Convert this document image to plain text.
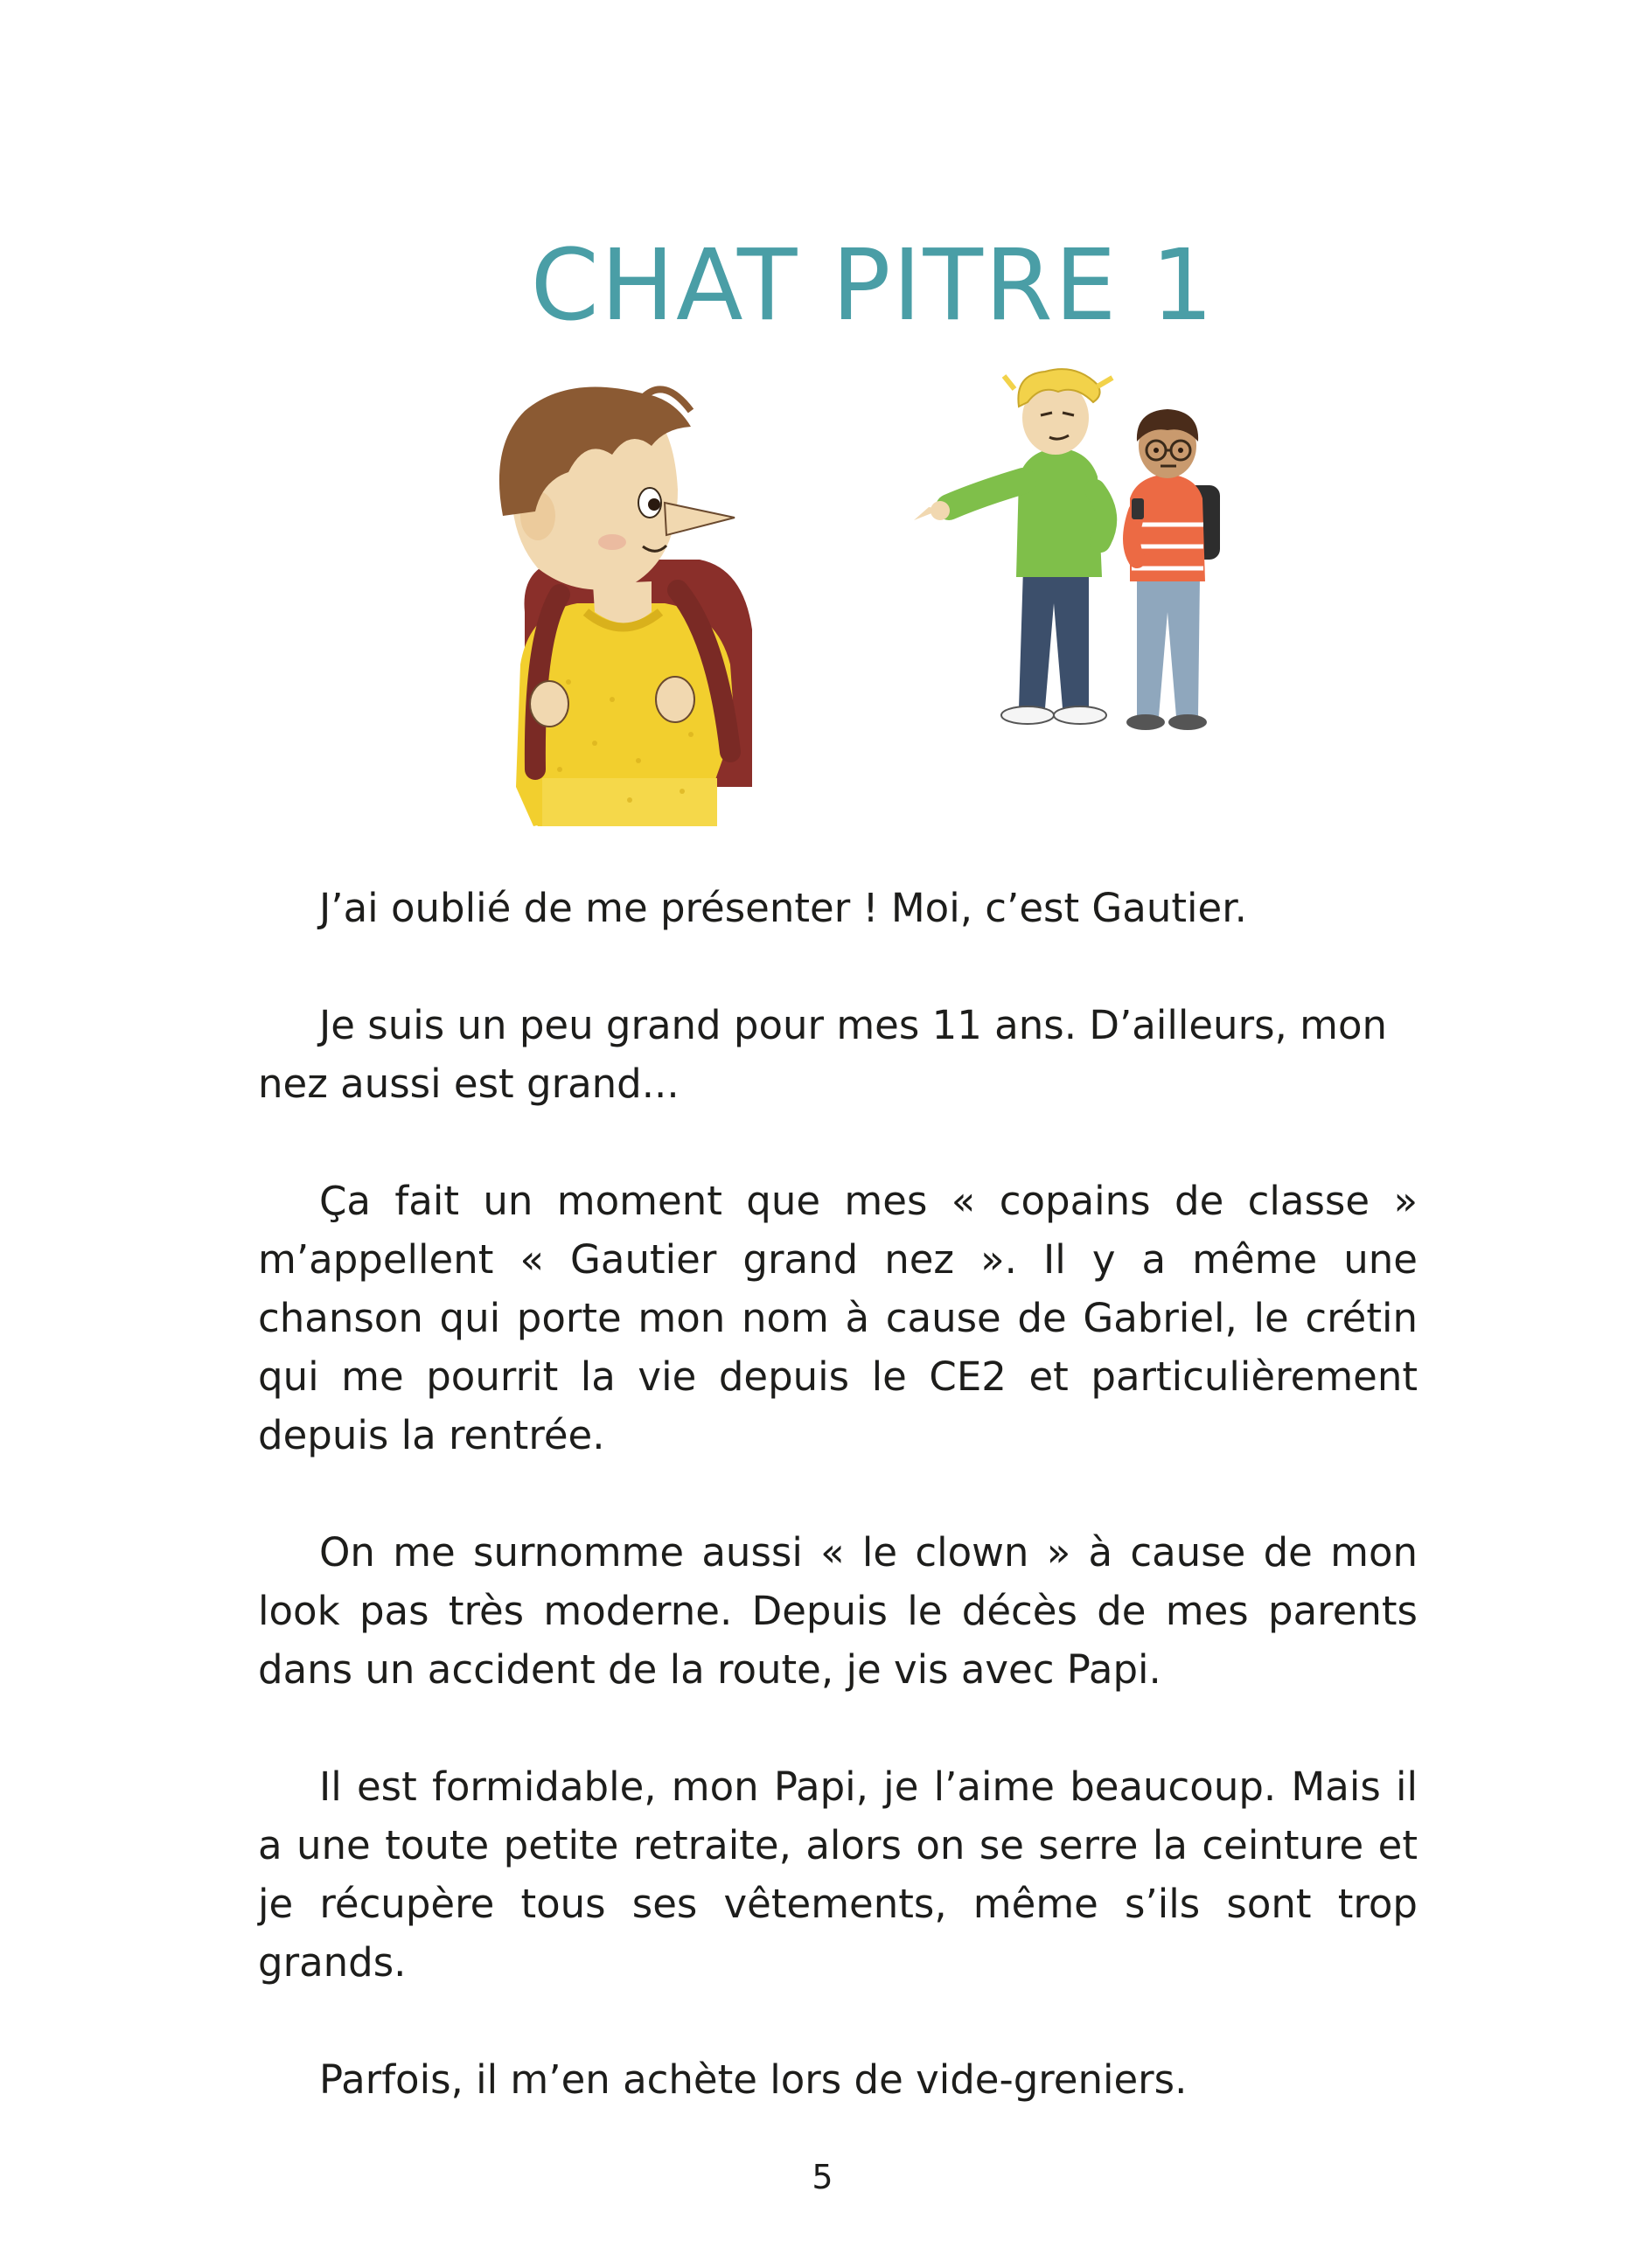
CHAT PITRE 1

J’ai oublié de me présenter ! Moi, c’est Gautier.

Je suis un peu grand pour mes 11 ans. D’ailleurs, mon nez aussi est grand...

Ça fait un moment que mes « copains de classe » m’appellent « Gautier grand nez ». Il y a même une chanson qui porte mon nom à cause de Gabriel, le crétin qui me pourrit la vie depuis le CE2 et particulièrement depuis la rentrée.

On me surnomme aussi « le clown » à cause de mon look pas très moderne. Depuis le décès de mes parents dans un accident de la route, je vis avec Papi.

Il est formidable, mon Papi, je l’aime beaucoup. Mais il a une toute petite retraite, alors on se serre la ceinture et je récupère tous ses vêtements, même s’ils sont trop grands.

Parfois, il m’en achète lors de vide-greniers.

5
